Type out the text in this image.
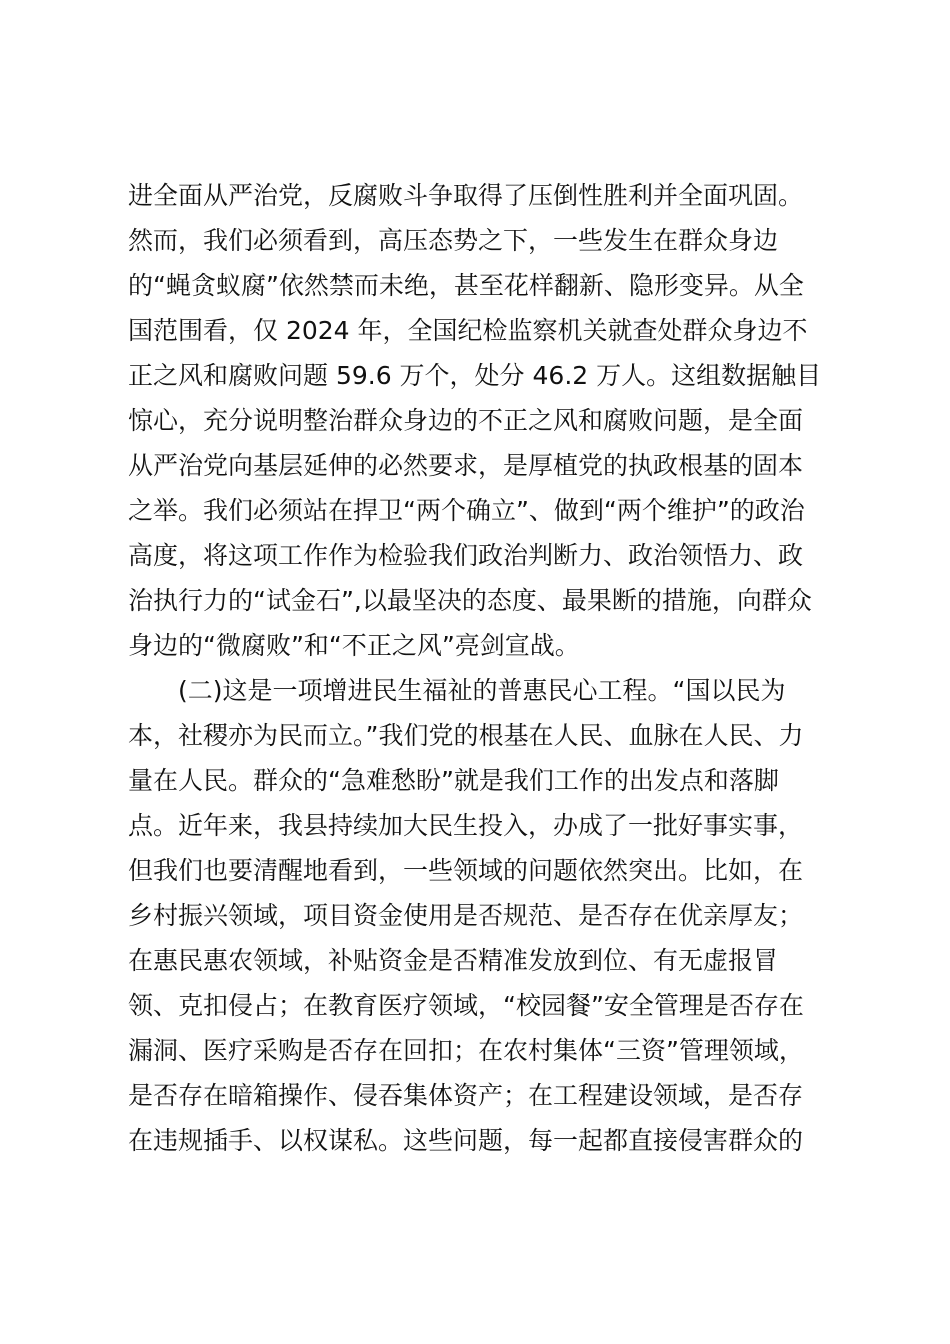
进全面从严治党，反腐败斗争取得了压倒性胜利并全面巩固。
然而，我们必须看到，高压态势之下，一些发生在群众身边
的“蝇贪蚁腐”依然禁而未绝，甚至花样翻新、隐形变异。从全
国范围看，仅 2024 年，全国纪检监察机关就查处群众身边不
正之风和腐败问题 59.6 万个，处分 46.2 万人。这组数据触目
惊心，充分说明整治群众身边的不正之风和腐败问题，是全面
从严治党向基层延伸的必然要求，是厚植党的执政根基的固本
之举。我们必须站在捍卫“两个确立”、做到“两个维护”的政治
高度，将这项工作作为检验我们政治判断力、政治领悟力、政
治执行力的“试金石”,以最坚决的态度、最果断的措施，向群众
身边的“微腐败”和“不正之风”亮剑宣战。
(二)这是一项增进民生福祉的普惠民心工程。“国以民为
本，社稷亦为民而立。”我们党的根基在人民、血脉在人民、力
量在人民。群众的“急难愁盼”就是我们工作的出发点和落脚
点。近年来，我县持续加大民生投入，办成了一批好事实事，
但我们也要清醒地看到，一些领域的问题依然突出。比如，在
乡村振兴领域，项目资金使用是否规范、是否存在优亲厚友；
在惠民惠农领域，补贴资金是否精准发放到位、有无虚报冒
领、克扣侵占；在教育医疗领域，“校园餐”安全管理是否存在
漏洞、医疗采购是否存在回扣；在农村集体“三资”管理领域，
是否存在暗箱操作、侵吞集体资产；在工程建设领域，是否存
在违规插手、以权谋私。这些问题，每一起都直接侵害群众的
